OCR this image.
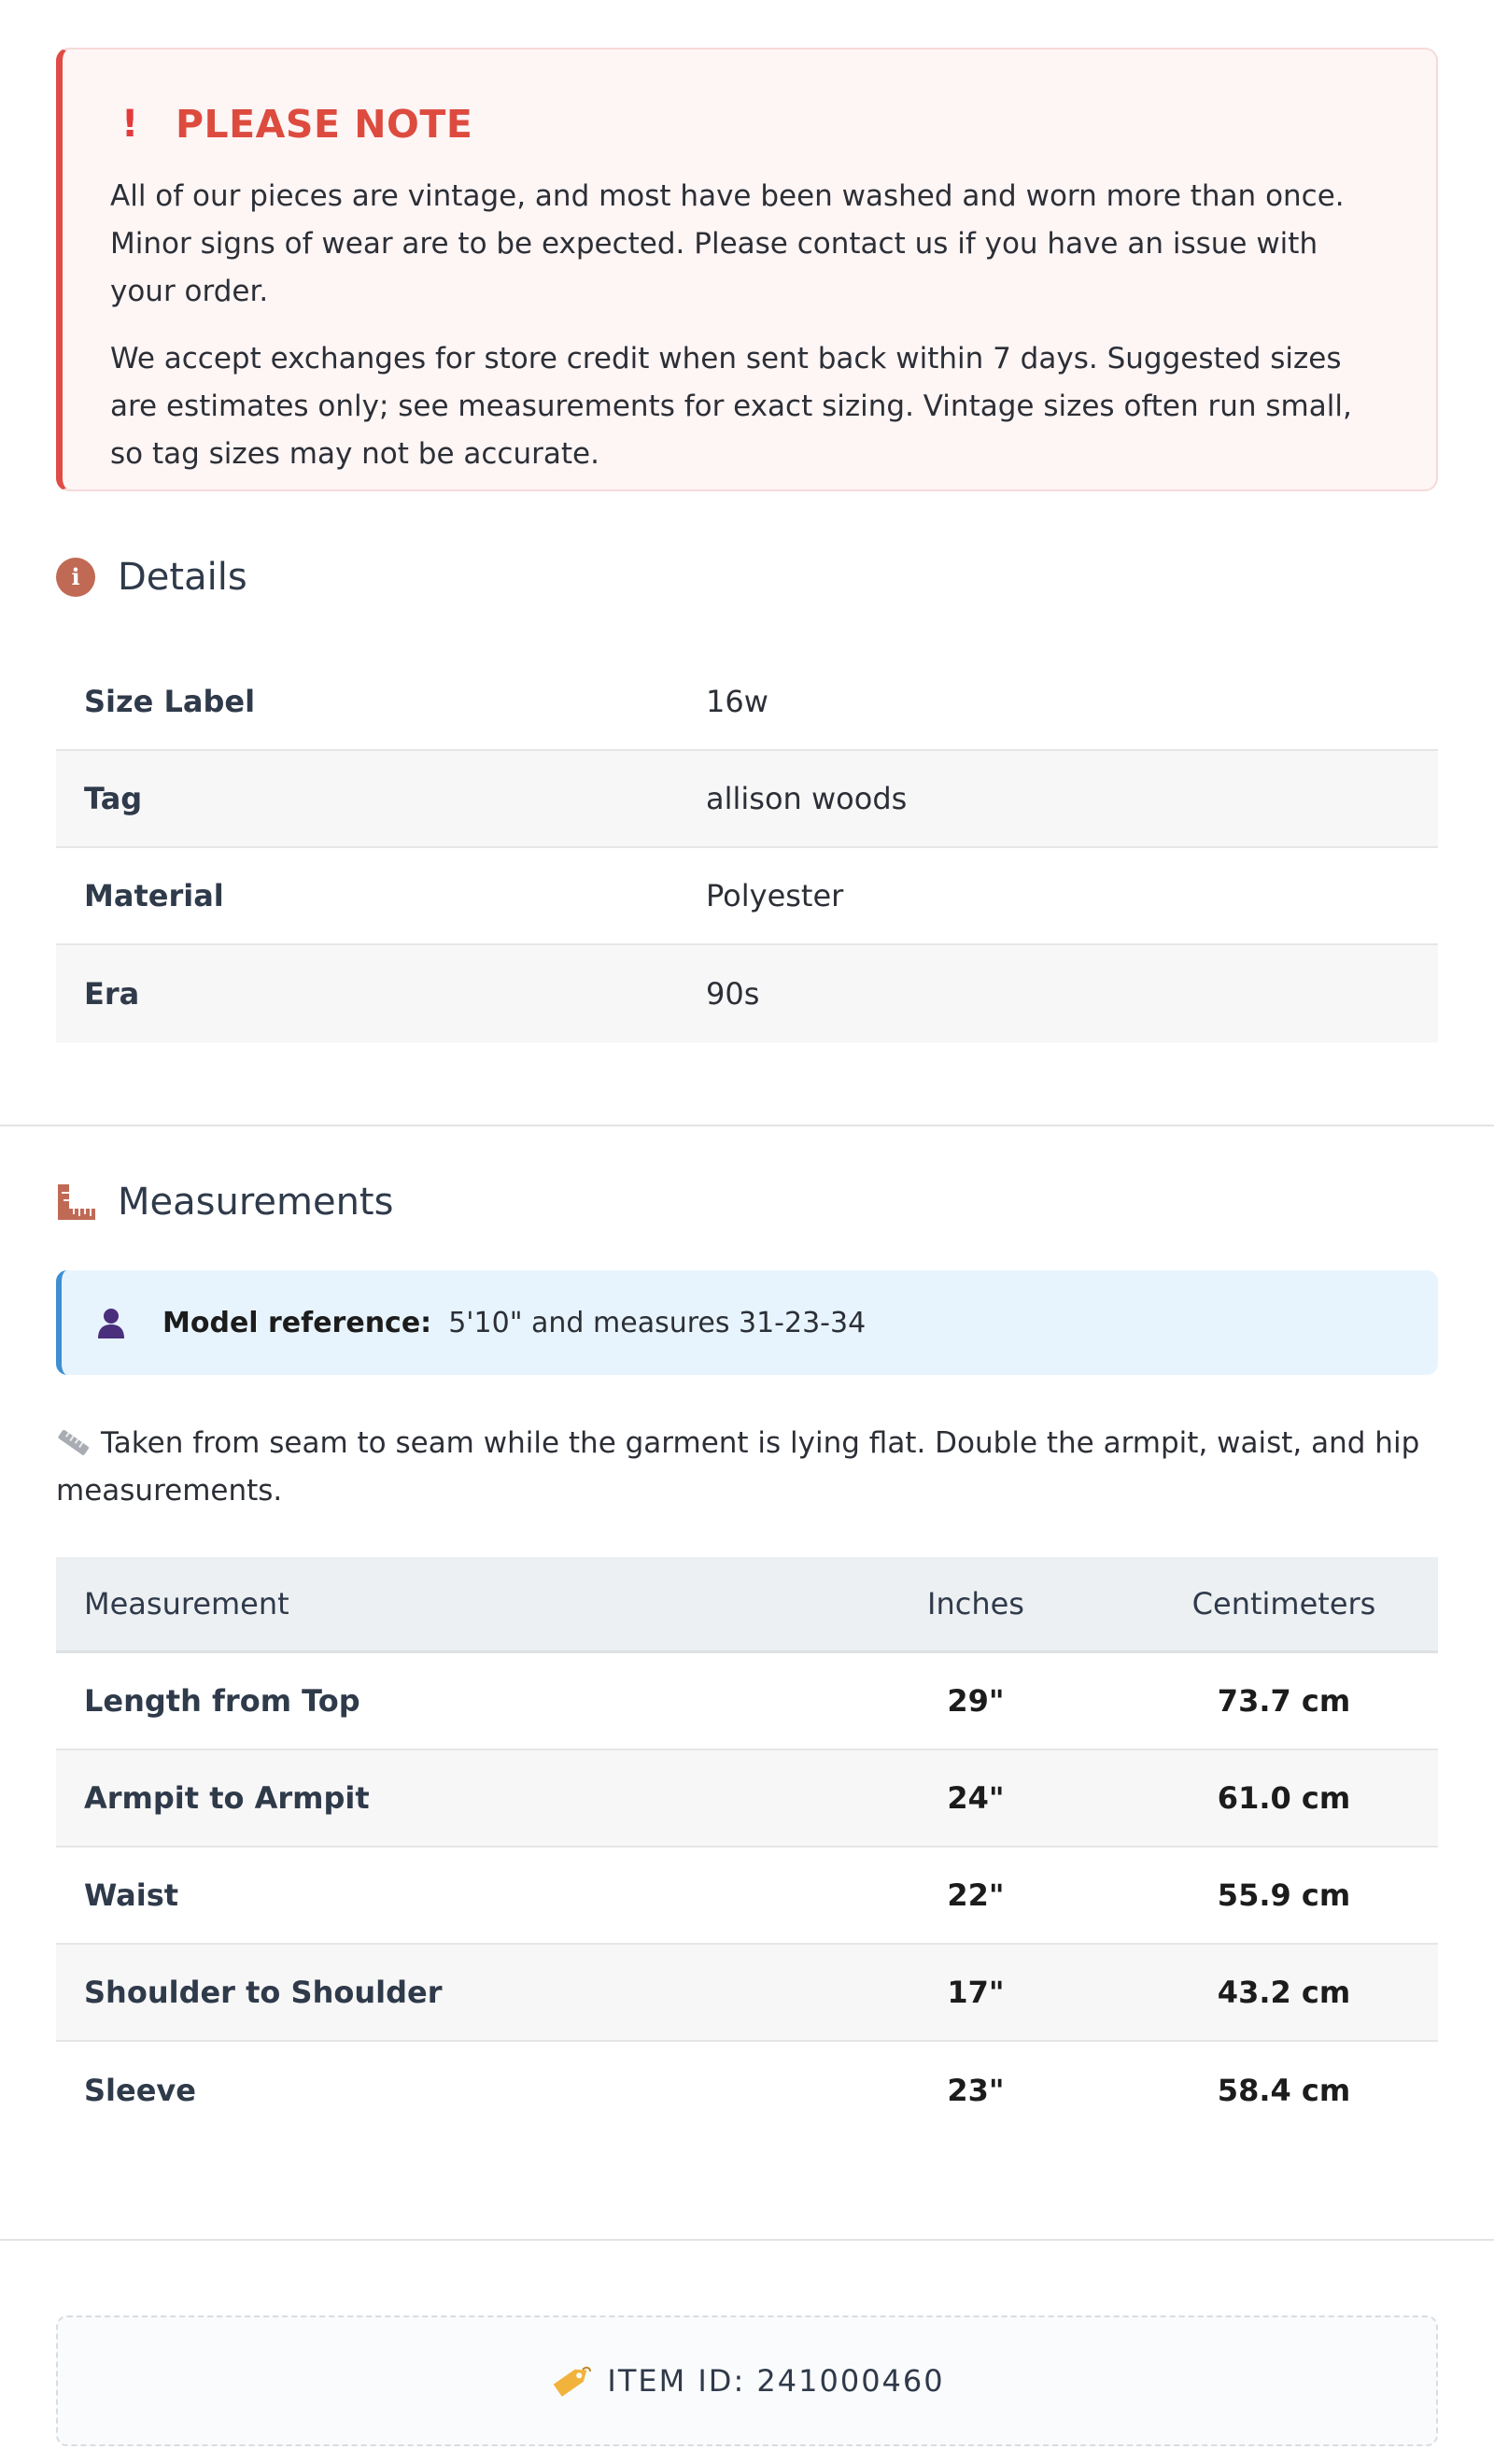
! PLEASE NOTE

All of our pieces are vintage, and most have been washed and worn more than once. Minor signs of wear are to be expected. Please contact us if you have an issue with your order.

We accept exchanges for store credit when sent back within 7 days. Suggested sizes are estimates only; see measurements for exact sizing. Vintage sizes often run small, so tag sizes may not be accurate.

i	Details
Size Label	16w
Tag	allison woods
Material	Polyester
Era	90s
Measurements
Model reference: 5'10" and measures 31-23-34

Taken from seam to seam while the garment is lying flat. Double the armpit, waist, and hip measurements.

Measurement	Inches	Centimeters
Length from Top	29"	73.7 cm
Armpit to Armpit	24"	61.0 cm
Waist	22"	55.9 cm
Shoulder to Shoulder	17"	43.2 cm
Sleeve	23"	58.4 cm
ITEM ID: 241000460
